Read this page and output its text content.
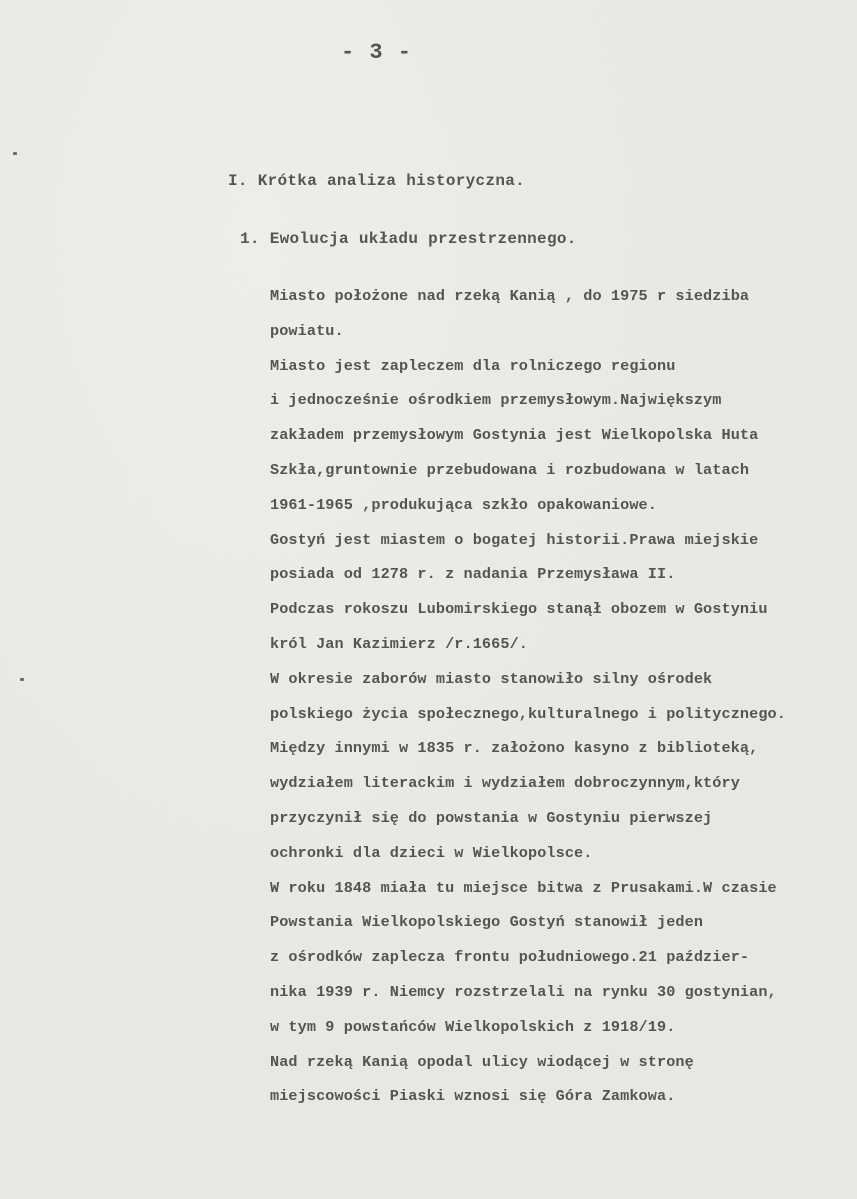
- 3 -
I. Krótka analiza historyczna.
1. Ewolucja układu przestrzennego.
Miasto położone nad rzeką Kanią , do 1975 r siedziba
powiatu.
Miasto jest zapleczem dla rolniczego regionu
i jednocześnie ośrodkiem przemysłowym.Największym
zakładem przemysłowym Gostynia jest Wielkopolska Huta
Szkła,gruntownie przebudowana i rozbudowana w latach
1961-1965 ,produkująca szkło opakowaniowe.
Gostyń jest miastem o bogatej historii.Prawa miejskie
posiada od 1278 r. z nadania Przemysława II.
Podczas rokoszu Lubomirskiego stanął obozem w Gostyniu
król Jan Kazimierz /r.1665/.
W okresie zaborów miasto stanowiło silny ośrodek
polskiego życia społecznego,kulturalnego i politycznego.
Między innymi w 1835 r. założono kasyno z biblioteką,
wydziałem literackim i wydziałem dobroczynnym,który
przyczynił się do powstania w Gostyniu pierwszej
ochronki dla dzieci w Wielkopolsce.
W roku 1848 miała tu miejsce bitwa z Prusakami.W czasie
Powstania Wielkopolskiego Gostyń stanowił jeden
z ośrodków zaplecza frontu południowego.21 paździer-
nika 1939 r. Niemcy rozstrzelali na rynku 30 gostynian,
w tym 9 powstańców Wielkopolskich z 1918/19.
Nad rzeką Kanią opodal ulicy wiodącej w stronę
miejscowości Piaski wznosi się Góra Zamkowa.
